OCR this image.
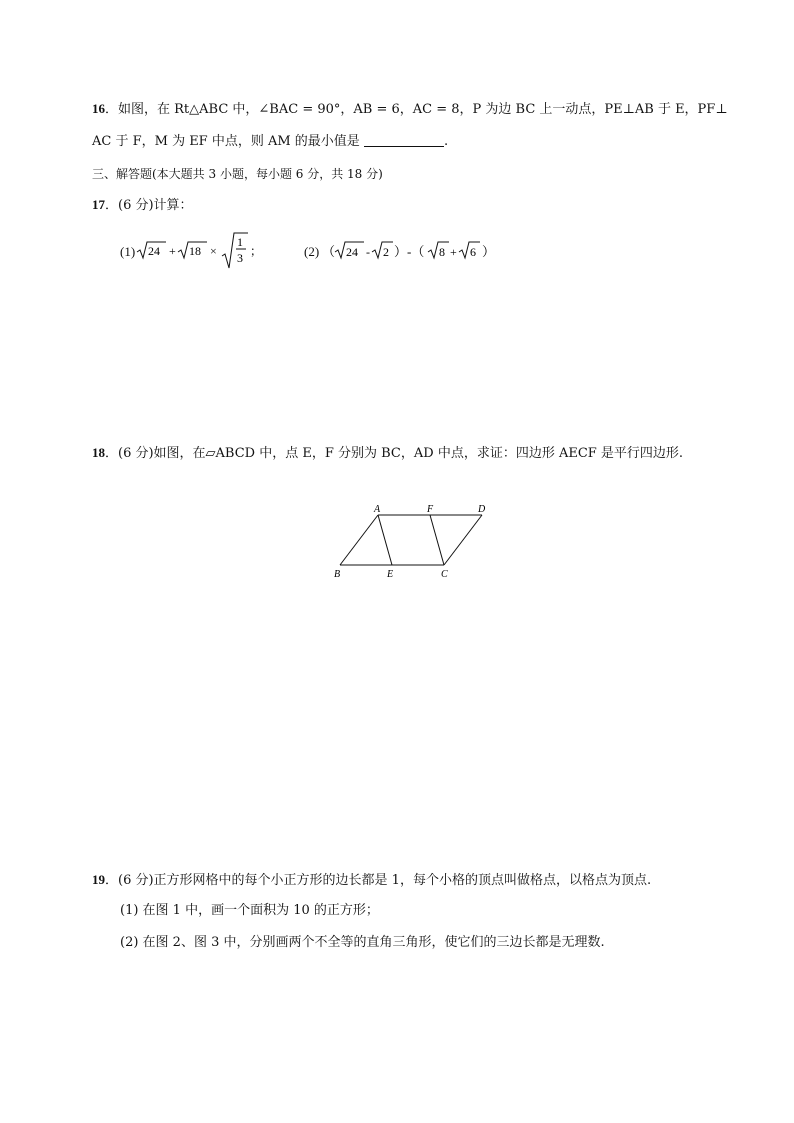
16．如图，在 Rt△ABC 中，∠BAC = 90°，AB = 6，AC = 8，P 为边 BC 上一动点，PE⊥AB 于 E，PF⊥
AC 于 F，M 为 EF 中点，则 AM 的最小值是	.
三、解答题(本大题共 3 小题，每小题 6 分，共 18 分)
17．(6 分)计算：
(1) 24 + 18 ×
1
3 ；	(2) （ 24 - 2 ）-（ 8 + 6 ）
18．(6 分)如图，在▱ABCD 中，点 E，F 分别为 BC，AD 中点，求证：四边形 AECF 是平行四边形.
A	F	D
B	E	C
19．(6 分)正方形网格中的每个小正方形的边长都是 1，每个小格的顶点叫做格点，以格点为顶点.
(1) 在图 1 中，画一个面积为 10 的正方形；
(2) 在图 2、图 3 中，分别画两个不全等的直角三角形，使它们的三边长都是无理数.
